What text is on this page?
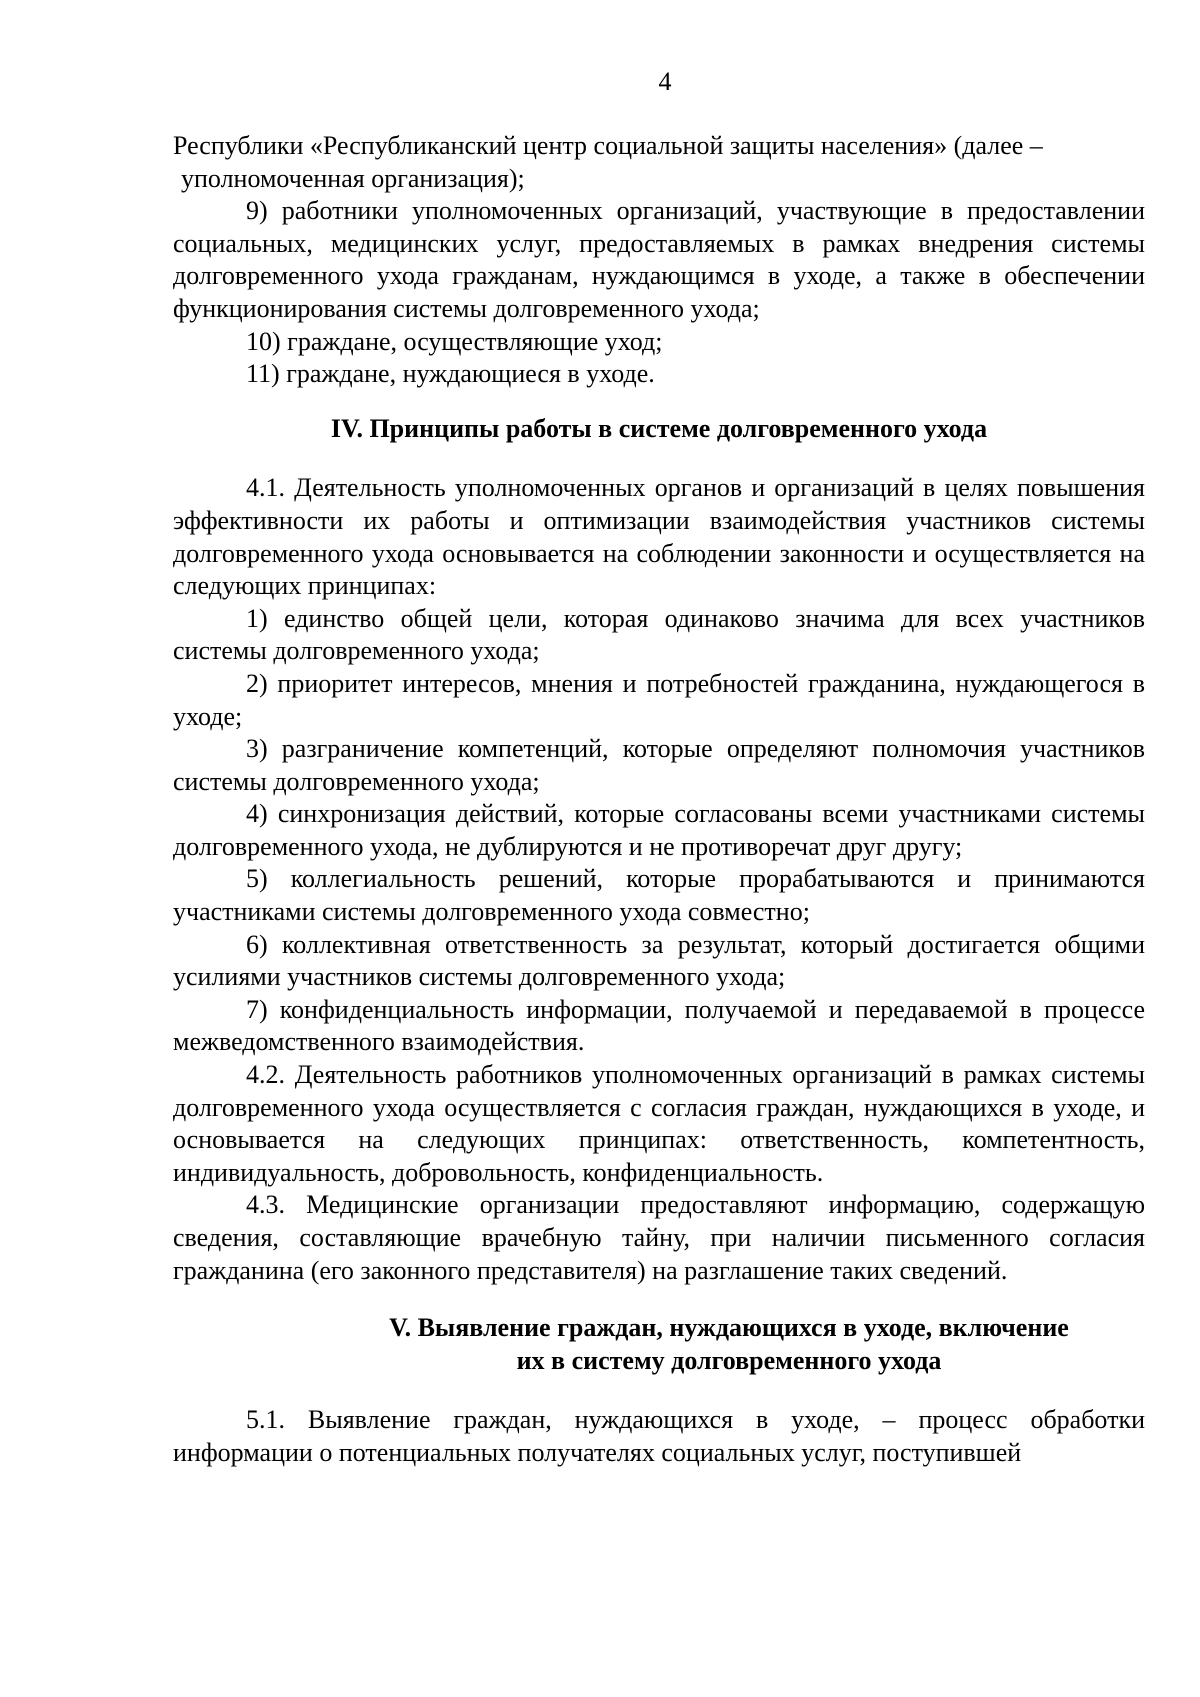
4

Республики «Республиканский центр социальной защиты населения» (далее –

уполномоченная организация);

9) работники уполномоченных организаций, участвующие в предоставлении социальных, медицинских услуг, предоставляемых в рамках внедрения системы долговременного ухода гражданам, нуждающимся в уходе, а также в обеспечении функционирования системы долговременного ухода;

10) граждане, осуществляющие уход;

11) граждане, нуждающиеся в уходе.

IV. Принципы работы в системе долговременного ухода

4.1. Деятельность уполномоченных органов и организаций в целях повышения эффективности их работы и оптимизации взаимодействия участников системы долговременного ухода основывается на соблюдении законности и осуществляется на следующих принципах:

1) единство общей цели, которая одинаково значима для всех участников системы долговременного ухода;

2) приоритет интересов, мнения и потребностей гражданина, нуждающегося в уходе;

3) разграничение компетенций, которые определяют полномочия участников системы долговременного ухода;

4) синхронизация действий, которые согласованы всеми участниками системы долговременного ухода, не дублируются и не противоречат друг другу;

5) коллегиальность решений, которые прорабатываются и принимаются участниками системы долговременного ухода совместно;

6) коллективная ответственность за результат, который достигается общими усилиями участников системы долговременного ухода;

7) конфиденциальность информации, получаемой и передаваемой в процессе межведомственного взаимодействия.

4.2. Деятельность работников уполномоченных организаций в рамках системы долговременного ухода осуществляется с согласия граждан, нуждающихся в уходе, и основывается на следующих принципах: ответственность, компетентность, индивидуальность, добровольность, конфиденциальность.

4.3. Медицинские организации предоставляют информацию, содержащую сведения, составляющие врачебную тайну, при наличии письменного согласия гражданина (его законного представителя) на разглашение таких сведений.

V. Выявление граждан, нуждающихся в уходе, включение
их в систему долговременного ухода

5.1. Выявление граждан, нуждающихся в уходе, – процесс обработки информации о потенциальных получателях социальных услуг, поступившей
